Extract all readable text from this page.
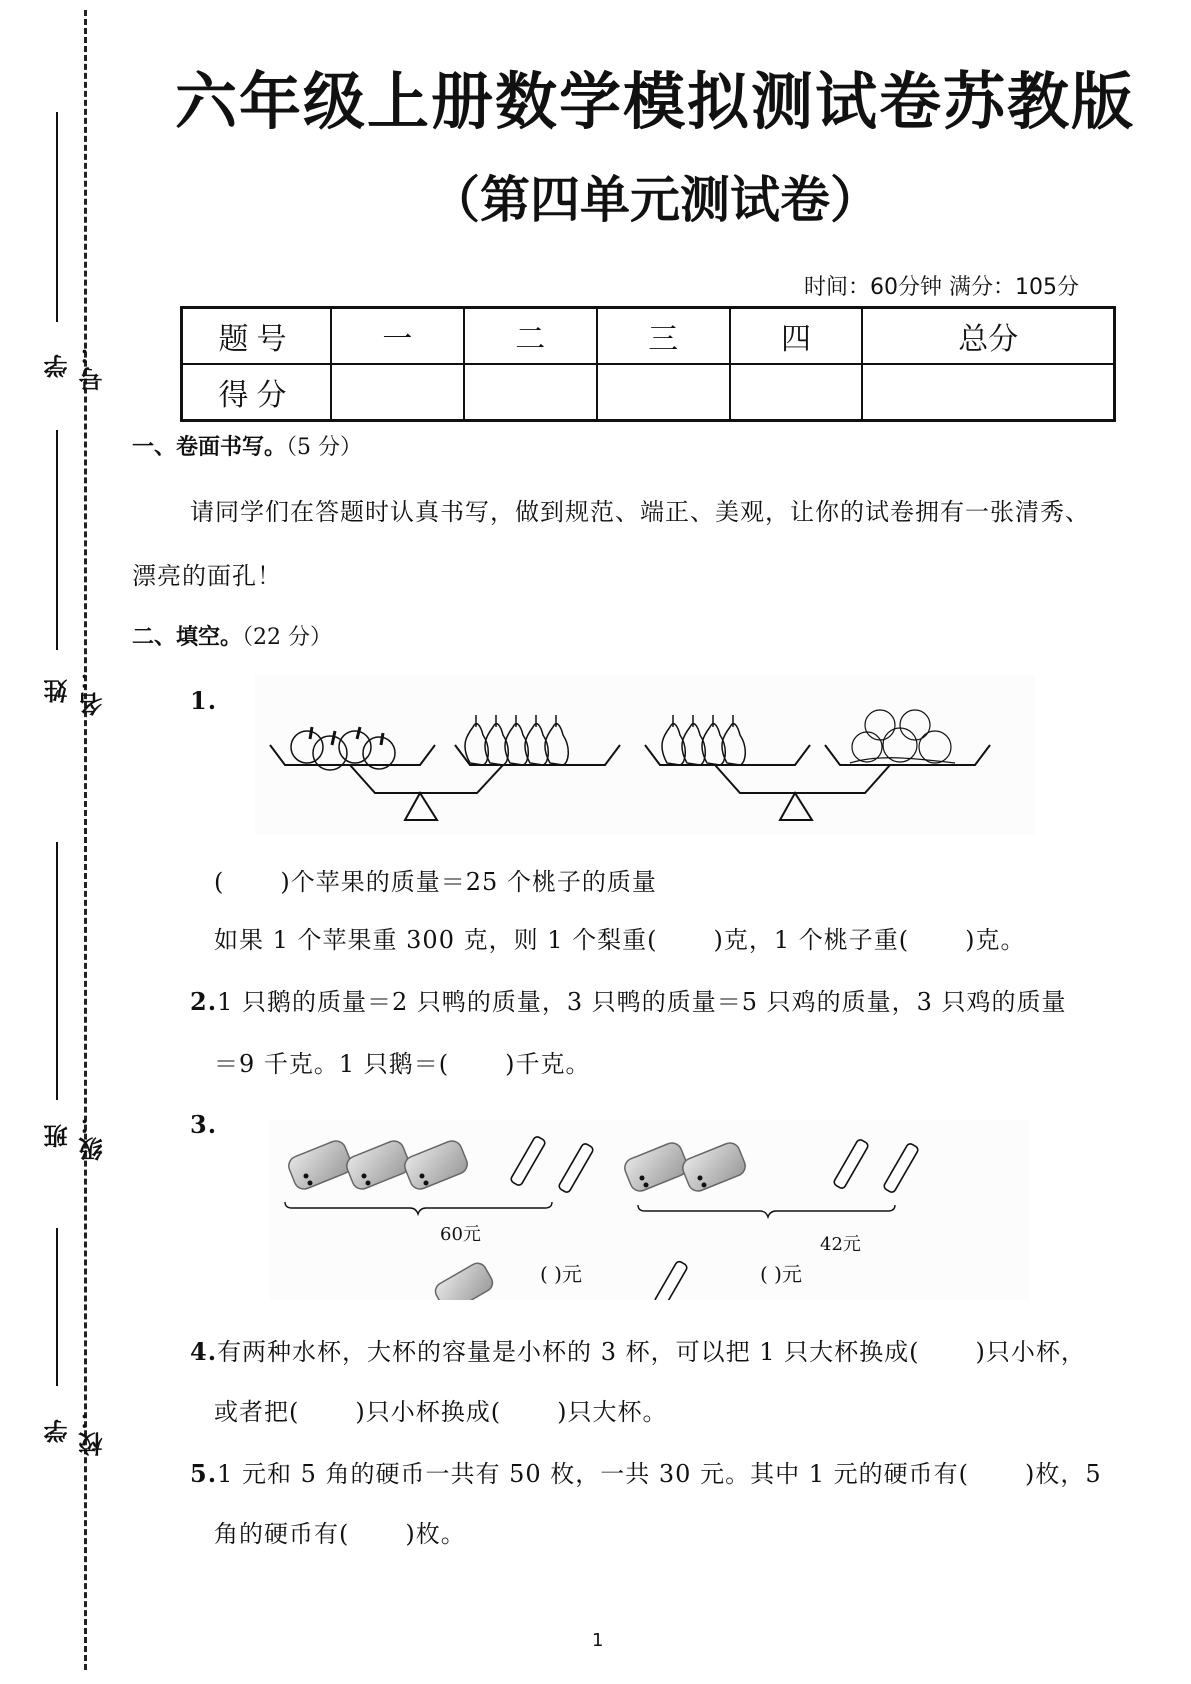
学号：
姓名：
班级：
学校：
六年级上册数学模拟测试卷苏教版
（第四单元测试卷）
时间：60分钟 满分：105分
题号	一	二	三	四	总分
得分					
一、卷面书写。（5 分）
请同学们在答题时认真书写，做到规范、端正、美观，让你的试卷拥有一张清秀、
漂亮的面孔！
二、填空。（22 分）
1.
( )个苹果的质量＝25 个桃子的质量
如果 1 个苹果重 300 克，则 1 个梨重( )克，1 个桃子重( )克。
2.1 只鹅的质量＝2 只鸭的质量，3 只鸭的质量＝5 只鸡的质量，3 只鸡的质量
＝9 千克。1 只鹅＝( )千克。
3.
60元	42元
( )元	( )元
4.有两种水杯，大杯的容量是小杯的 3 杯，可以把 1 只大杯换成( )只小杯，
或者把( )只小杯换成( )只大杯。
5.1 元和 5 角的硬币一共有 50 枚，一共 30 元。其中 1 元的硬币有( )枚，5
角的硬币有( )枚。
1
